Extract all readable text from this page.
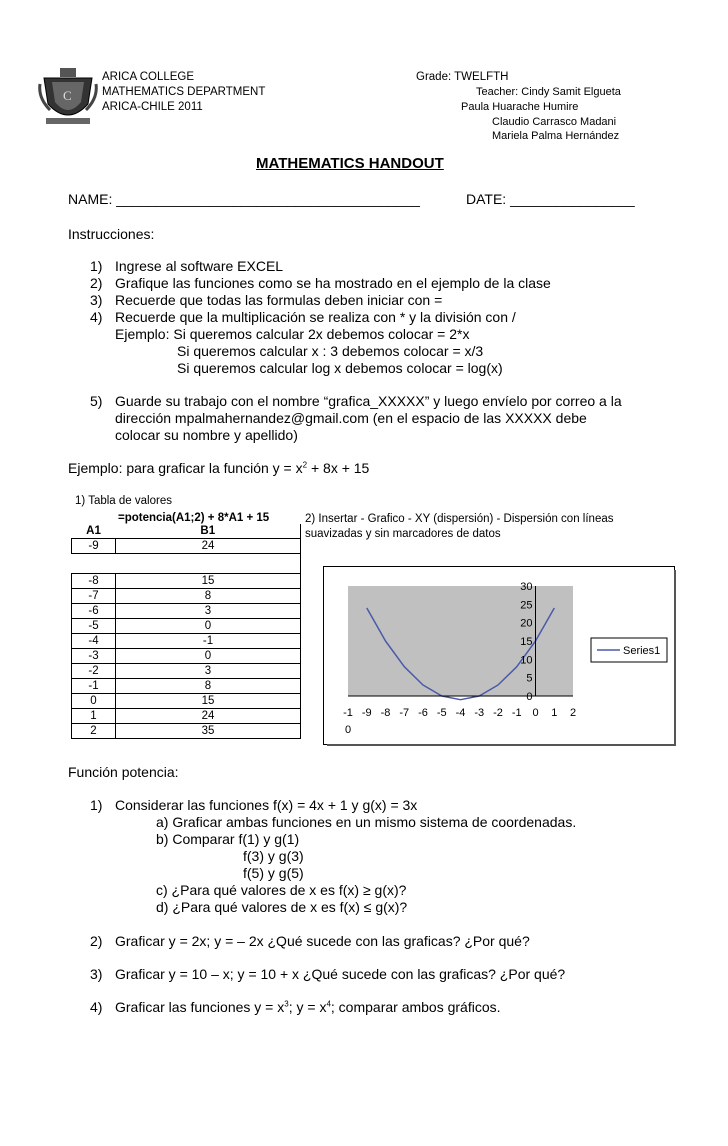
C
ARICA COLLEGE
MATHEMATICS DEPARTMENT
ARICA-CHILE 2011
Grade: TWELFTH
Teacher: Cindy Samit Elgueta
Paula Huarache Humire
Claudio Carrasco Madani
Mariela Palma Hernández
MATHEMATICS HANDOUT
NAME: _______________________________________	DATE: ________________
Instrucciones:
1) Ingrese al software EXCEL
2) Grafique las funciones como se ha mostrado en el ejemplo de la clase
3) Recuerde que todas las formulas deben iniciar con =
4) Recuerde que la multiplicación se realiza con * y la división con /
Ejemplo: Si queremos calcular 2x debemos colocar = 2*x
Si queremos calcular x : 3 debemos colocar = x/3
Si queremos calcular log x debemos colocar = log(x)
5) Guarde su trabajo con el nombre “grafica_XXXXX” y luego envíelo por correo a la
dirección mpalmahernandez@gmail.com (en el espacio de las XXXXX debe
colocar su nombre y apellido)
Ejemplo: para graficar la función $y = x^2 + 8x + 15$
1) Tabla de valores
=potencia(A1;2) + 8*A1 + 15	2) Insertar - Grafico - XY (dispersión) - Dispersión con líneas
suavizadas y sin marcadores de datos
A1	B1
-9	24

-8	15
-7	8
-6	3
-5	0
-4	-1
-3	0
-2	3
-1	8
0	15
1	24
2	35
30
25
20
15
10
5
0
-1 -9 -8 -7 -6 -5 -4 -3 -2 -1 0 1 2
0
Series1
Función potencia:
1) Considerar las funciones f(x) = 4x + 1 y g(x) = 3x
a) Graficar ambas funciones en un mismo sistema de coordenadas.
b) Comparar f(1) y g(1)
f(3) y g(3)
f(5) y g(5)
c) ¿Para qué valores de x es f(x) ≥ g(x)?
d) ¿Para qué valores de x es f(x) ≤ g(x)?
2) Graficar y = 2x; y = – 2x ¿Qué sucede con las graficas? ¿Por qué?
3) Graficar y = 10 – x; y = 10 + x ¿Qué sucede con las graficas? ¿Por qué?
4) Graficar las funciones $y = x^3$; $y = x^4$; comparar ambos gráficos.
